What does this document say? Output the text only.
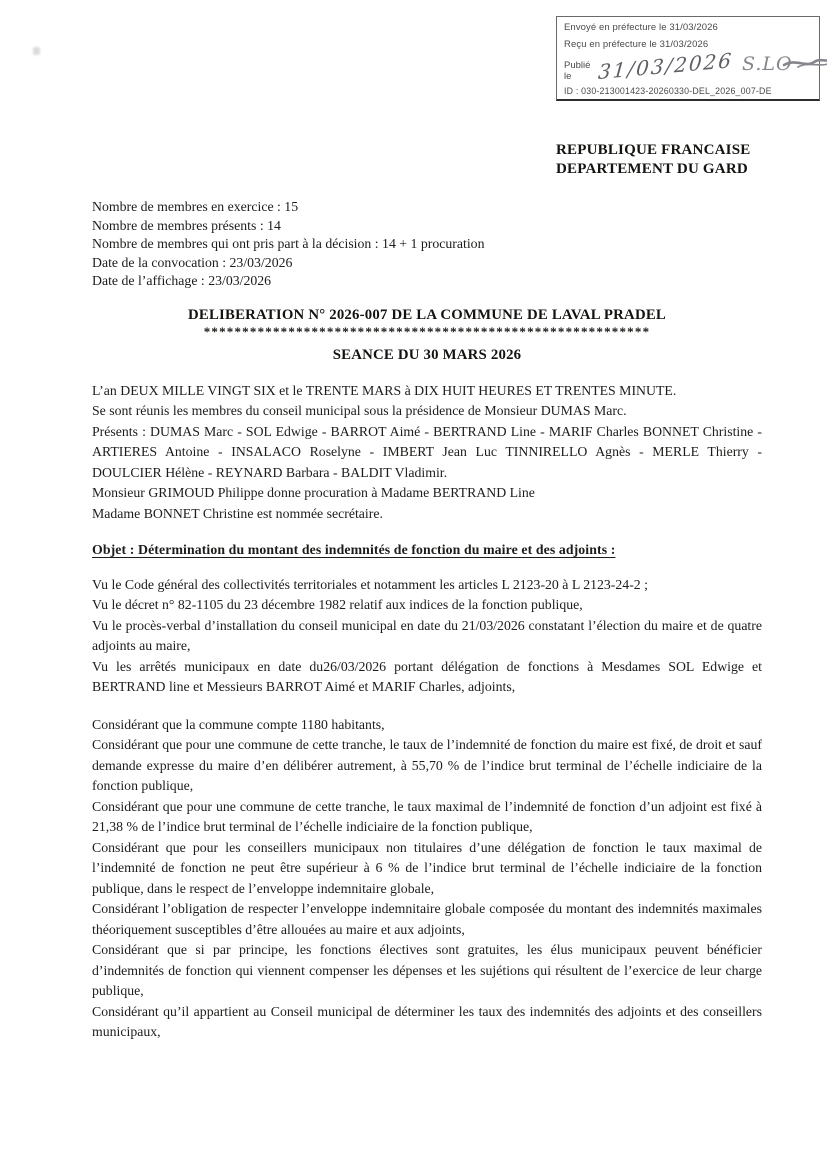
Envoyé en préfecture le 31/03/2026
Reçu en préfecture le 31/03/2026
Publié le	31/03/2026 S.LO
ID : 030-213001423-20260330-DEL_2026_007-DE
REPUBLIQUE FRANCAISE
DEPARTEMENT DU GARD
Nombre de membres en exercice : 15
Nombre de membres présents : 14
Nombre de membres qui ont pris part à la décision : 14 + 1 procuration
Date de la convocation : 23/03/2026
Date de l’affichage : 23/03/2026
DELIBERATION N° 2026-007 DE LA COMMUNE DE LAVAL PRADEL
**********************************************************
SEANCE DU 30 MARS 2026

L’an DEUX MILLE VINGT SIX et le TRENTE MARS à DIX HUIT HEURES ET TRENTES MINUTE.

Se sont réunis les membres du conseil municipal sous la présidence de Monsieur DUMAS Marc.

Présents : DUMAS Marc - SOL Edwige - BARROT Aimé - BERTRAND Line - MARIF Charles BONNET Christine - ARTIERES Antoine - INSALACO Roselyne - IMBERT Jean Luc TINNIRELLO Agnès - MERLE Thierry - DOULCIER Hélène - REYNARD Barbara - BALDIT Vladimir.

Monsieur GRIMOUD Philippe donne procuration à Madame BERTRAND Line

Madame BONNET Christine est nommée secrétaire.

Objet : Détermination du montant des indemnités de fonction du maire et des adjoints :

Vu le Code général des collectivités territoriales et notamment les articles L 2123-20 à L 2123-24-2 ;

Vu le décret n° 82-1105 du 23 décembre 1982 relatif aux indices de la fonction publique,

Vu le procès-verbal d’installation du conseil municipal en date du 21/03/2026 constatant l’élection du maire et de quatre adjoints au maire,

Vu les arrêtés municipaux en date du26/03/2026 portant délégation de fonctions à Mesdames SOL Edwige et BERTRAND line et Messieurs BARROT Aimé et MARIF Charles, adjoints,

Considérant que la commune compte 1180 habitants,

Considérant que pour une commune de cette tranche, le taux de l’indemnité de fonction du maire est fixé, de droit et sauf demande expresse du maire d’en délibérer autrement, à 55,70 % de l’indice brut terminal de l’échelle indiciaire de la fonction publique,

Considérant que pour une commune de cette tranche, le taux maximal de l’indemnité de fonction d’un adjoint est fixé à 21,38 % de l’indice brut terminal de l’échelle indiciaire de la fonction publique,

Considérant que pour les conseillers municipaux non titulaires d’une délégation de fonction le taux maximal de l’indemnité de fonction ne peut être supérieur à 6 % de l’indice brut terminal de l’échelle indiciaire de la fonction publique, dans le respect de l’enveloppe indemnitaire globale,

Considérant l’obligation de respecter l’enveloppe indemnitaire globale composée du montant des indemnités maximales théoriquement susceptibles d’être allouées au maire et aux adjoints,

Considérant que si par principe, les fonctions électives sont gratuites, les élus municipaux peuvent bénéficier d’indemnités de fonction qui viennent compenser les dépenses et les sujétions qui résultent de l’exercice de leur charge publique,

Considérant qu’il appartient au Conseil municipal de déterminer les taux des indemnités des adjoints et des conseillers municipaux,
